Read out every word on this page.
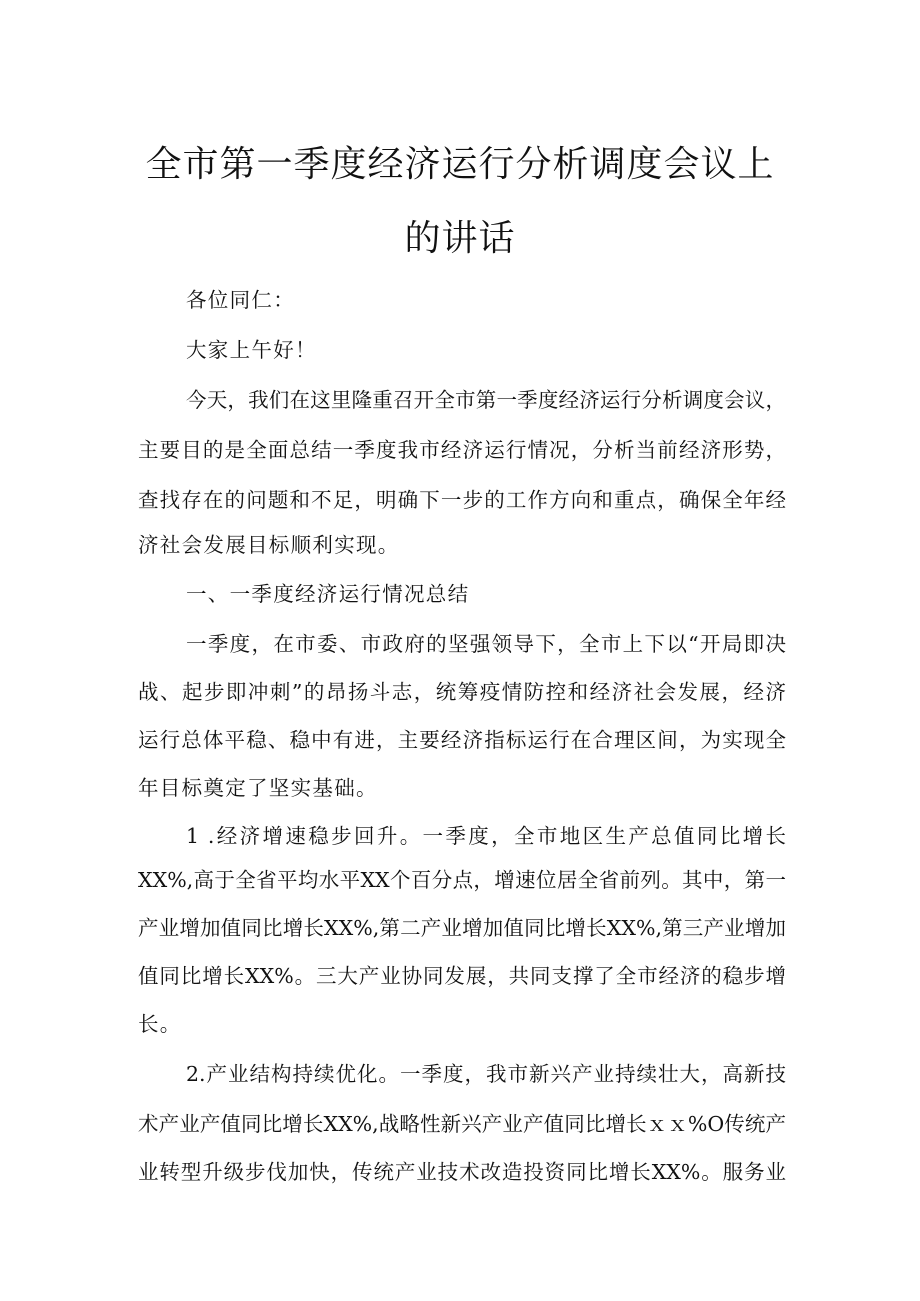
全市第一季度经济运行分析调度会议上
的讲话

各位同仁：

大家上午好！

今天，我们在这里隆重召开全市第一季度经济运行分析调度会议，

主要目的是全面总结一季度我市经济运行情况，分析当前经济形势，

查找存在的问题和不足，明确下一步的工作方向和重点，确保全年经

济社会发展目标顺利实现。

一、一季度经济运行情况总结

一季度，在市委、市政府的坚强领导下，全市上下以“开局即决

战、起步即冲刺”的昂扬斗志，统筹疫情防控和经济社会发展，经济

运行总体平稳、稳中有进，主要经济指标运行在合理区间，为实现全

年目标奠定了坚实基础。

1 .经济增速稳步回升。一季度，全市地区生产总值同比增长

XX%,高于全省平均水平XX个百分点，增速位居全省前列。其中，第一

产业增加值同比增长XX%,第二产业增加值同比增长XX%,第三产业增加

值同比增长XX%。三大产业协同发展，共同支撑了全市经济的稳步增

长。

2.产业结构持续优化。一季度，我市新兴产业持续壮大，高新技

术产业产值同比增长XX%,战略性新兴产业产值同比增长ｘｘ%O传统产

业转型升级步伐加快，传统产业技术改造投资同比增长XX%。服务业
